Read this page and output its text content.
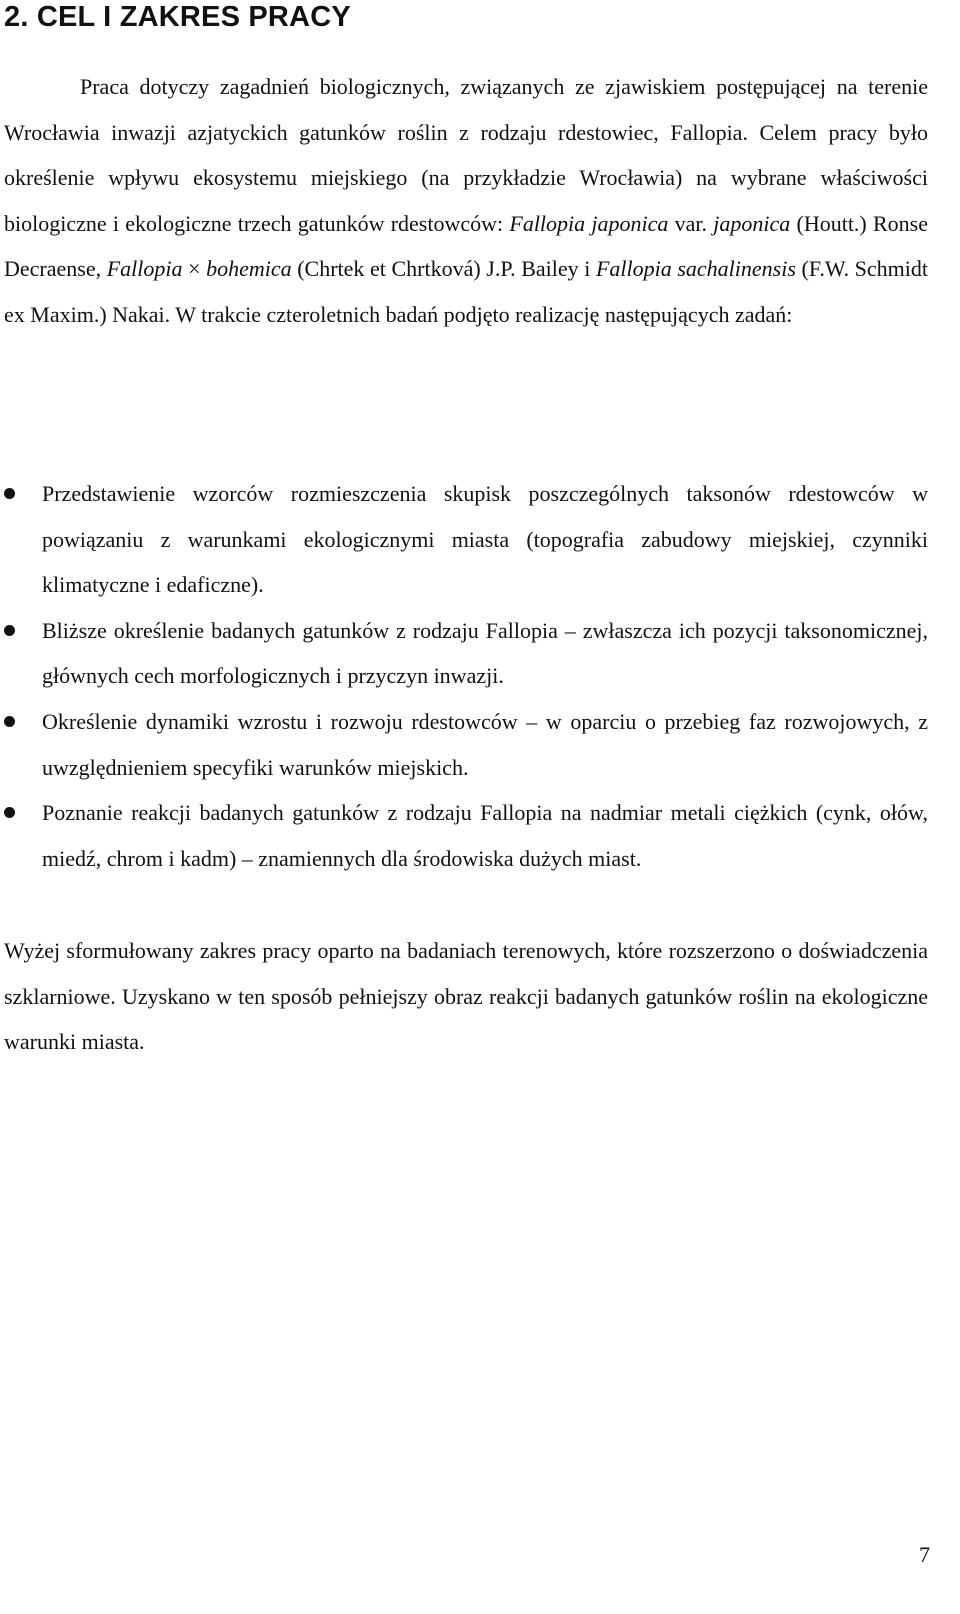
2. CEL I ZAKRES PRACY

Praca dotyczy zagadnień biologicznych, związanych ze zjawiskiem postępującej na terenie Wrocławia inwazji azjatyckich gatunków roślin z rodzaju rdestowiec, Fallopia. Celem pracy było określenie wpływu ekosystemu miejskiego (na przykładzie Wrocławia) na wybrane właściwości biologiczne i ekologiczne trzech gatunków rdestowców: Fallopia japonica var. japonica (Houtt.) Ronse Decraense, Fallopia × bohemica (Chrtek et Chrtková) J.P. Bailey i Fallopia sachalinensis (F.W. Schmidt ex Maxim.) Nakai. W trakcie czteroletnich badań podjęto realizację następujących zadań:

Przedstawienie wzorców rozmieszczenia skupisk poszczególnych taksonów rdestowców w powiązaniu z warunkami ekologicznymi miasta (topografia zabudowy miejskiej, czynniki klimatyczne i edaficzne).
Bliższe określenie badanych gatunków z rodzaju Fallopia – zwłaszcza ich pozycji taksonomicznej, głównych cech morfologicznych i przyczyn inwazji.
Określenie dynamiki wzrostu i rozwoju rdestowców – w oparciu o przebieg faz rozwojowych, z uwzględnieniem specyfiki warunków miejskich.
Poznanie reakcji badanych gatunków z rodzaju Fallopia na nadmiar metali ciężkich (cynk, ołów, miedź, chrom i kadm) – znamiennych dla środowiska dużych miast.

Wyżej sformułowany zakres pracy oparto na badaniach terenowych, które rozszerzono o doświadczenia szklarniowe. Uzyskano w ten sposób pełniejszy obraz reakcji badanych gatunków roślin na ekologiczne warunki miasta.

7
